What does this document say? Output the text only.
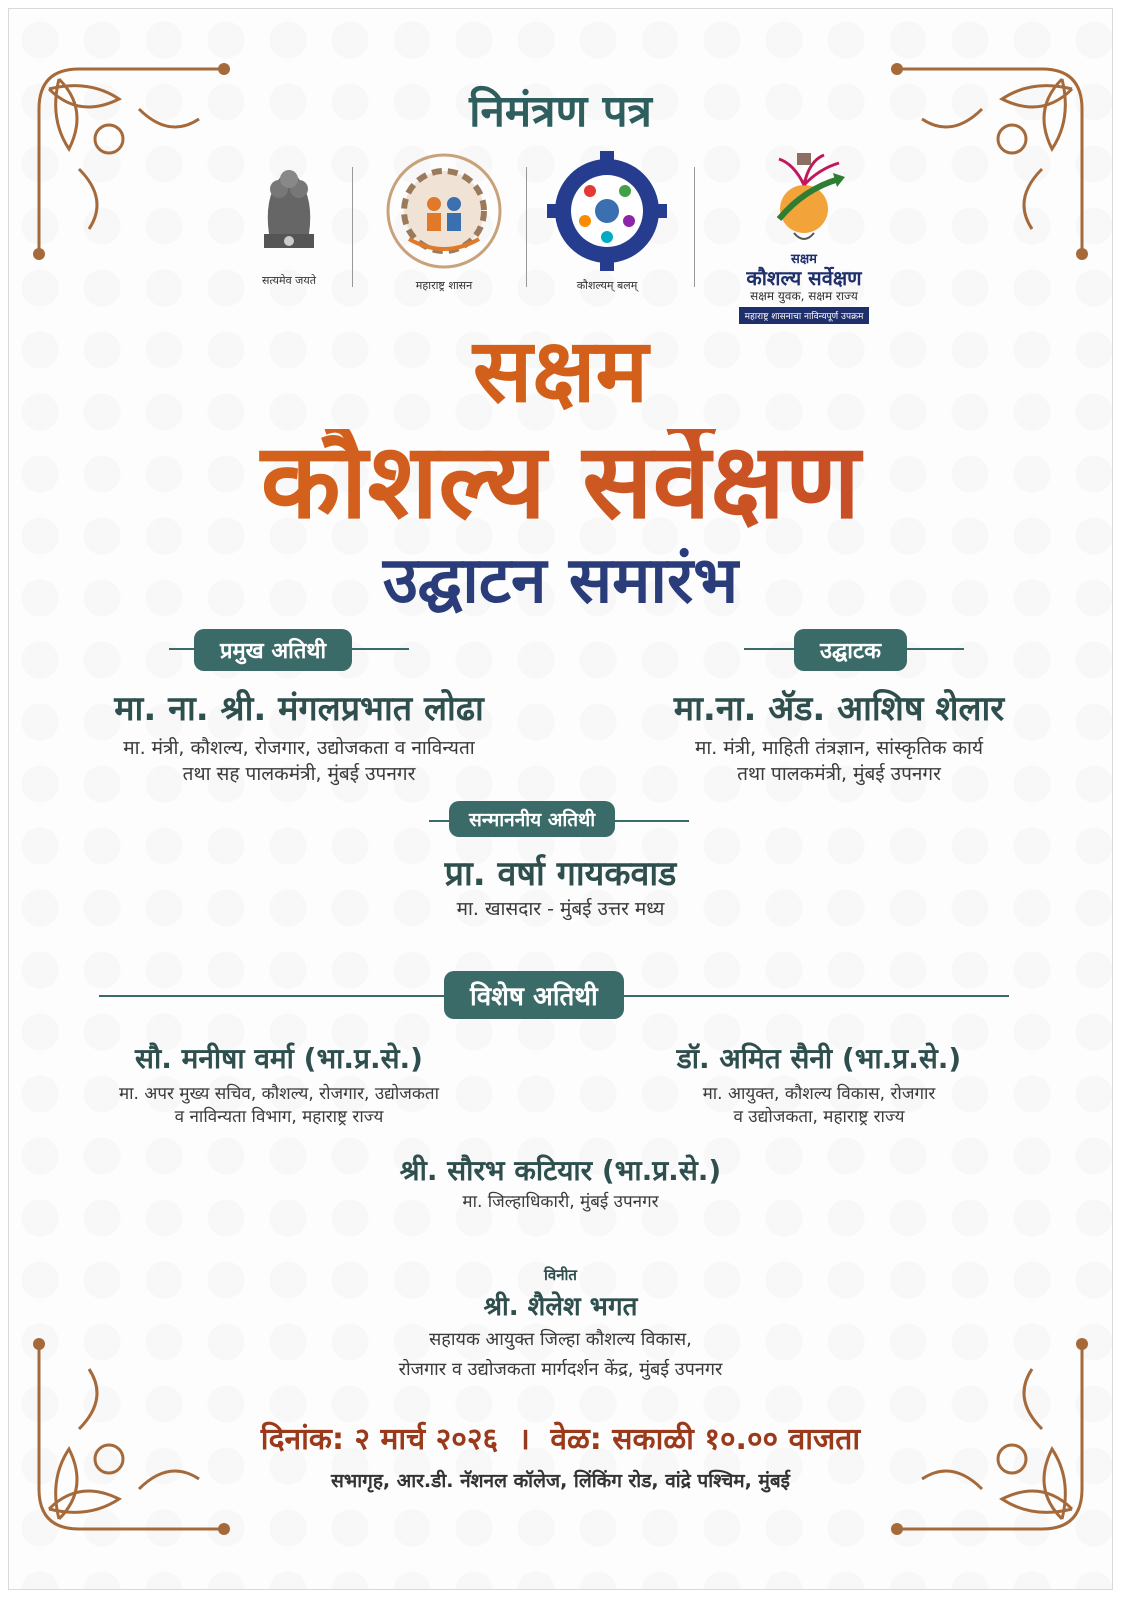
निमंत्रण पत्र
सत्यमेव जयते	महाराष्ट्र शासन	कौशल्यम् बलम्
सक्षम
कौशल्य सर्वेक्षण
सक्षम युवक, सक्षम राज्य
महाराष्ट्र शासनाचा नाविन्यपूर्ण उपक्रम
सक्षम
कौशल्य सर्वेक्षण
उद्घाटन समारंभ
प्रमुख अतिथी	उद्घाटक
मा. ना. श्री. मंगलप्रभात लोढा
मा. मंत्री, कौशल्य, रोजगार, उद्योजकता व नाविन्यता
तथा सह पालकमंत्री, मुंबई उपनगर
मा.ना. ॲड. आशिष शेलार
मा. मंत्री, माहिती तंत्रज्ञान, सांस्कृतिक कार्य
तथा पालकमंत्री, मुंबई उपनगर
सन्माननीय अतिथी
प्रा. वर्षा गायकवाड
मा. खासदार - मुंबई उत्तर मध्य
विशेष अतिथी
सौ. मनीषा वर्मा (भा.प्र.से.)
मा. अपर मुख्य सचिव, कौशल्य, रोजगार, उद्योजकता
व नाविन्यता विभाग, महाराष्ट्र राज्य
डॉ. अमित सैनी (भा.प्र.से.)
मा. आयुक्त, कौशल्य विकास, रोजगार
व उद्योजकता, महाराष्ट्र राज्य
श्री. सौरभ कटियार (भा.प्र.से.)
मा. जिल्हाधिकारी, मुंबई उपनगर
विनीत
श्री. शैलेश भगत
सहायक आयुक्त जिल्हा कौशल्य विकास,
रोजगार व उद्योजकता मार्गदर्शन केंद्र, मुंबई उपनगर
दिनांक: २ मार्च २०२६ । वेळ: सकाळी १०.०० वाजता
सभागृह, आर.डी. नॅशनल कॉलेज, लिंकिंग रोड, वांद्रे पश्चिम, मुंबई
